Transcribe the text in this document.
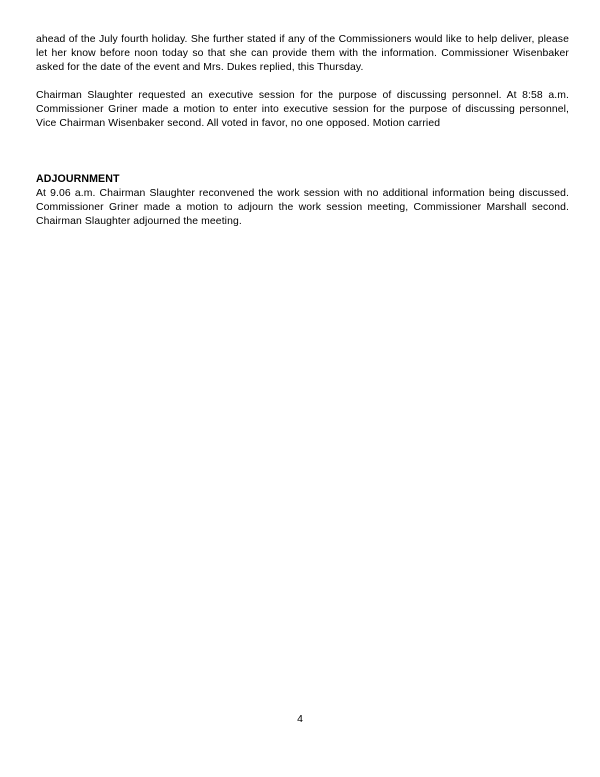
ahead of the July fourth holiday. She further stated if any of the Commissioners would like to help deliver, please let her know before noon today so that she can provide them with the information. Commissioner Wisenbaker asked for the date of the event and Mrs. Dukes replied, this Thursday.

Chairman Slaughter requested an executive session for the purpose of discussing personnel. At 8:58 a.m. Commissioner Griner made a motion to enter into executive session for the purpose of discussing personnel, Vice Chairman Wisenbaker second. All voted in favor, no one opposed. Motion carried

ADJOURNMENT

At 9.06 a.m. Chairman Slaughter reconvened the work session with no additional information being discussed. Commissioner Griner made a motion to adjourn the work session meeting, Commissioner Marshall second. Chairman Slaughter adjourned the meeting.

4
